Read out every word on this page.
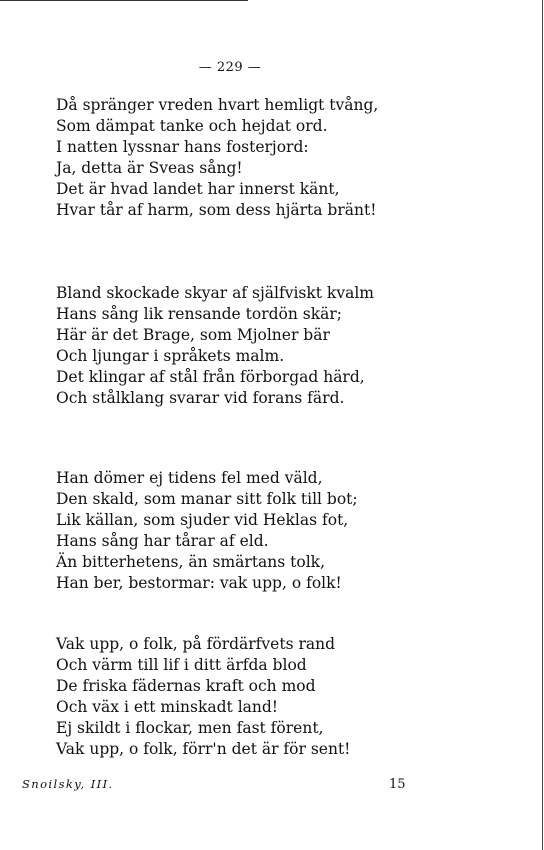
— 229 —
Då spränger vreden hvart hemligt tvång,
Som dämpat tanke och hejdat ord.
I natten lyssnar hans fosterjord:
Ja, detta är Sveas sång!
Det är hvad landet har innerst känt,
Hvar tår af harm, som dess hjärta bränt!
Bland skockade skyar af själfviskt kvalm
Hans sång lik rensande tordön skär;
Här är det Brage, som Mjolner bär
Och ljungar i språkets malm.
Det klingar af stål från förborgad härd,
Och stålklang svarar vid forans färd.
Han dömer ej tidens fel med väld,
Den skald, som manar sitt folk till bot;
Lik källan, som sjuder vid Heklas fot,
Hans sång har tårar af eld.
Än bitterhetens, än smärtans tolk,
Han ber, bestormar: vak upp, o folk!
Vak upp, o folk, på fördärfvets rand
Och värm till lif i ditt ärfda blod
De friska fädernas kraft och mod
Och väx i ett minskadt land!
Ej skildt i flockar, men fast förent,
Vak upp, o folk, förr'n det är för sent!
Snoilsky, III.	15
